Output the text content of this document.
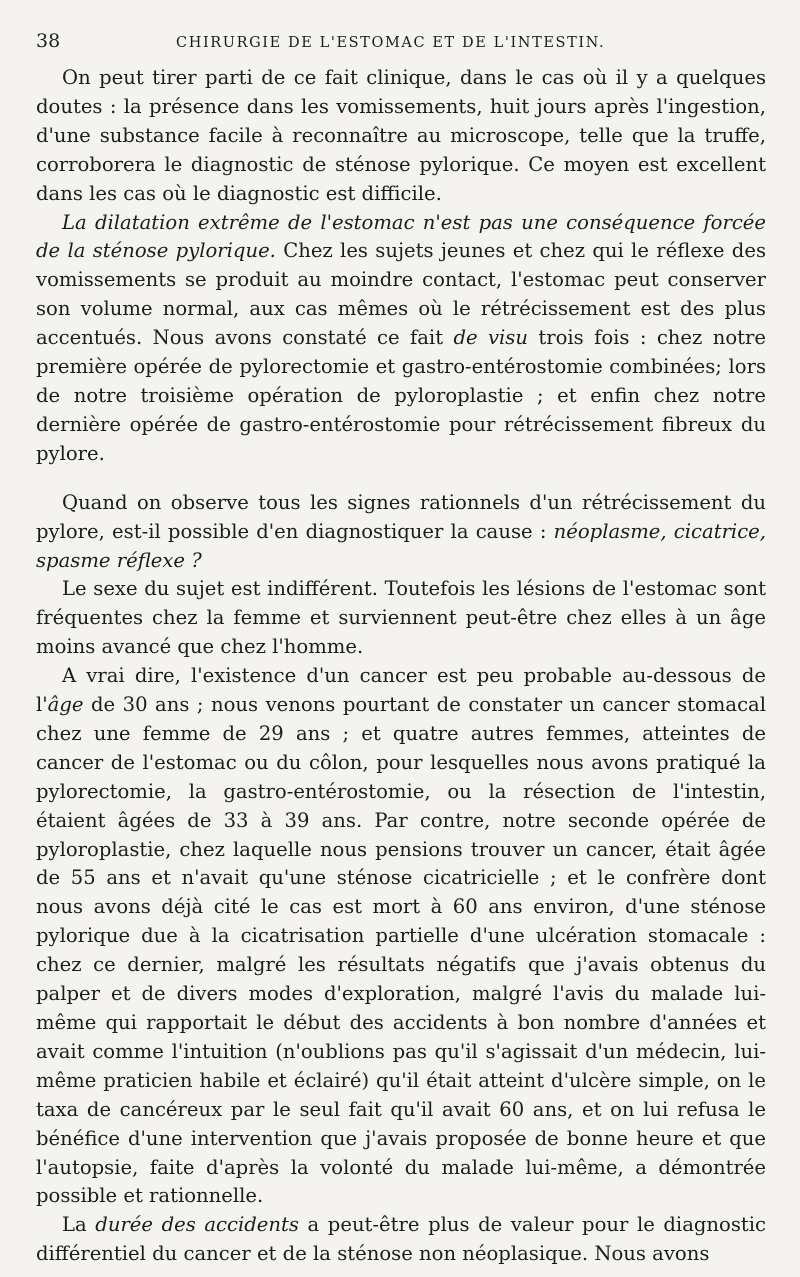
38	CHIRURGIE DE L'ESTOMAC ET DE L'INTESTIN.

On peut tirer parti de ce fait clinique, dans le cas où il y a quelques doutes : la présence dans les vomissements, huit jours après l'ingestion, d'une substance facile à reconnaître au microscope, telle que la truffe, corroborera le diagnostic de sténose pylorique. Ce moyen est excellent dans les cas où le diagnostic est difficile.

La dilatation extrême de l'estomac n'est pas une conséquence forcée de la sténose pylorique. Chez les sujets jeunes et chez qui le réflexe des vomissements se produit au moindre contact, l'estomac peut conserver son volume normal, aux cas mêmes où le rétrécissement est des plus accentués. Nous avons constaté ce fait de visu trois fois : chez notre première opérée de pylorectomie et gastro-entérostomie combinées; lors de notre troisième opération de pyloroplastie ; et enfin chez notre dernière opérée de gastro-entérostomie pour rétrécissement fibreux du pylore.

Quand on observe tous les signes rationnels d'un rétrécissement du pylore, est-il possible d'en diagnostiquer la cause : néoplasme, cicatrice, spasme réflexe ?

Le sexe du sujet est indifférent. Toutefois les lésions de l'estomac sont fréquentes chez la femme et surviennent peut-être chez elles à un âge moins avancé que chez l'homme.

A vrai dire, l'existence d'un cancer est peu probable au-dessous de l'âge de 30 ans ; nous venons pourtant de constater un cancer stomacal chez une femme de 29 ans ; et quatre autres femmes, atteintes de cancer de l'estomac ou du côlon, pour lesquelles nous avons pratiqué la pylorectomie, la gastro-entérostomie, ou la résection de l'intestin, étaient âgées de 33 à 39 ans. Par contre, notre seconde opérée de pyloroplastie, chez laquelle nous pensions trouver un cancer, était âgée de 55 ans et n'avait qu'une sténose cicatricielle ; et le confrère dont nous avons déjà cité le cas est mort à 60 ans environ, d'une sténose pylorique due à la cicatrisation partielle d'une ulcération stomacale : chez ce dernier, malgré les résultats négatifs que j'avais obtenus du palper et de divers modes d'exploration, malgré l'avis du malade lui-même qui rapportait le début des accidents à bon nombre d'années et avait comme l'intuition (n'oublions pas qu'il s'agissait d'un médecin, lui-même praticien habile et éclairé) qu'il était atteint d'ulcère simple, on le taxa de cancéreux par le seul fait qu'il avait 60 ans, et on lui refusa le bénéfice d'une intervention que j'avais proposée de bonne heure et que l'autopsie, faite d'après la volonté du malade lui-même, a démontrée possible et rationnelle.

La durée des accidents a peut-être plus de valeur pour le diagnostic différentiel du cancer et de la sténose non néoplasique. Nous avons
